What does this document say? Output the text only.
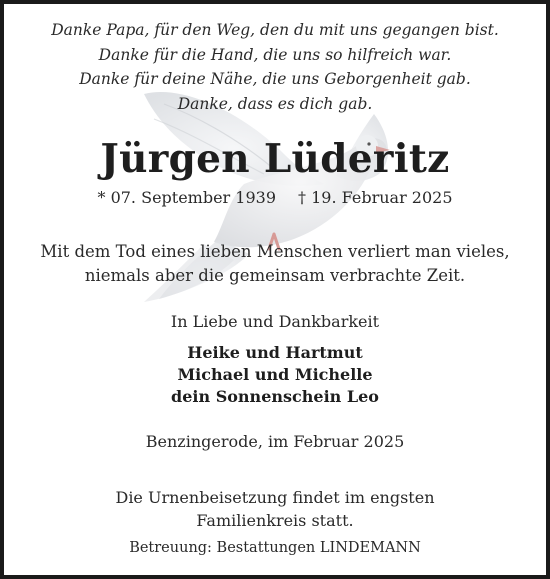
Danke Papa, für den Weg, den du mit uns gegangen bist.
Danke für die Hand, die uns so hilfreich war.
Danke für deine Nähe, die uns Geborgenheit gab.
Danke, dass es dich gab.
Jürgen Lüderitz
* 07. September 1939 † 19. Februar 2025
Mit dem Tod eines lieben Menschen verliert man vieles,
niemals aber die gemeinsam verbrachte Zeit.
In Liebe und Dankbarkeit
Heike und Hartmut
Michael und Michelle
dein Sonnenschein Leo
Benzingerode, im Februar 2025
Die Urnenbeisetzung findet im engsten
Familienkreis statt.
Betreuung: Bestattungen LINDEMANN
